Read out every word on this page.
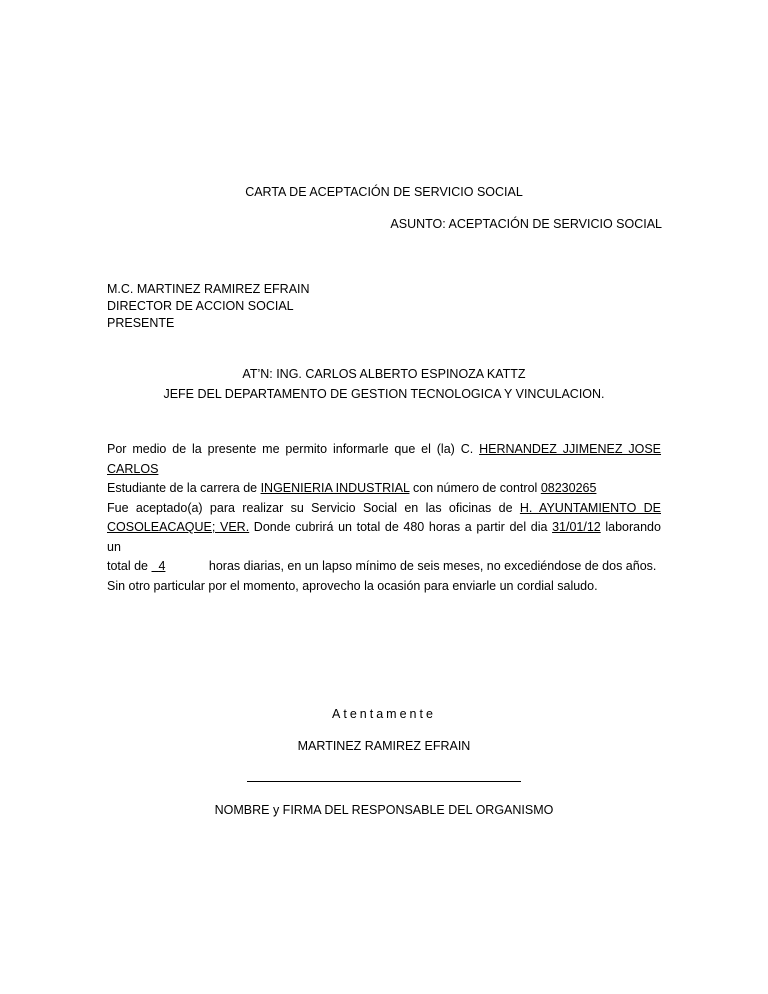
CARTA DE ACEPTACIÓN DE SERVICIO SOCIAL
ASUNTO: ACEPTACIÓN DE SERVICIO SOCIAL
M.C. MARTINEZ RAMIREZ EFRAIN
DIRECTOR DE ACCION SOCIAL
PRESENTE
AT’N: ING. CARLOS ALBERTO ESPINOZA KATTZ
JEFE DEL DEPARTAMENTO DE GESTION TECNOLOGICA Y VINCULACION.

Por medio de la presente me permito informarle que el (la) C. HERNANDEZ JJIMENEZ JOSE

CARLOS

Estudiante de la carrera de INGENIERIA INDUSTRIAL con número de control 08230265

Fue aceptado(a) para realizar su Servicio Social en las oficinas de H. AYUNTAMIENTO DE

COSOLEACAQUE; VER. Donde cubrirá un total de 480 horas a partir del dia 31/01/12 laborando un

total de 4	horas diarias, en un lapso mínimo de seis meses, no excediéndose de dos años.

Sin otro particular por el momento, aprovecho la ocasión para enviarle un cordial saludo.
Atentamente
MARTINEZ RAMIREZ EFRAIN
NOMBRE y FIRMA DEL RESPONSABLE DEL ORGANISMO
